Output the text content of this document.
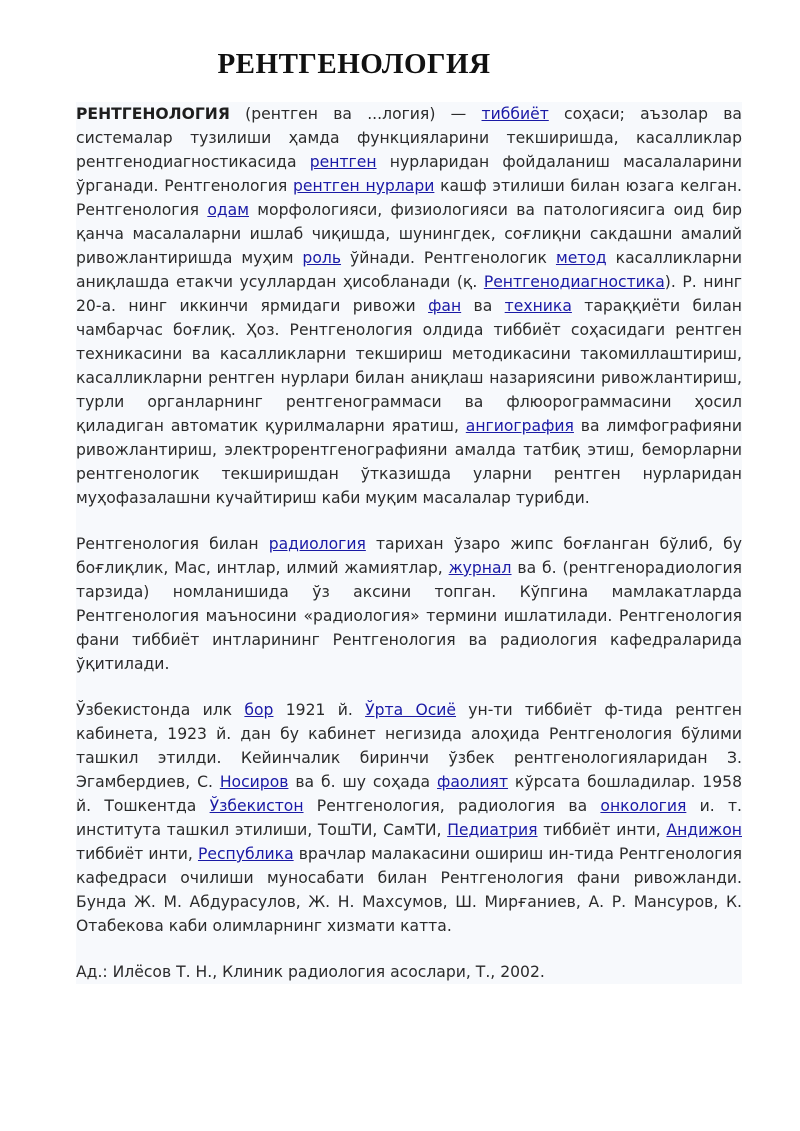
РЕНТГЕНОЛОГИЯ

РЕНТГЕНОЛОГИЯ (рентген ва ...логия) — тиббиёт соҳаси; аъзолар ва системалар тузилиши ҳамда функцияларини текширишда, касалликлар рентгенодиагностикасида рентген нурларидан фойдаланиш масалаларини ўрганади. Рентгенология рентген нурлари кашф этилиши билан юзага келган. Рентгенология одам морфологияси, физиологияси ва патологиясига оид бир қанча масалаларни ишлаб чиқишда, шунингдек, соғлиқни сакдашни амалий ривожлантиришда муҳим роль ўйнади. Рентгенологик метод касалликларни аниқлашда етакчи усуллардан ҳисобланади (қ. Рентгенодиагностика). Р. нинг 20-а. нинг иккинчи ярмидаги ривожи фан ва техника тараққиёти билан чамбарчас боғлиқ. Ҳоз. Рентгенология олдида тиббиёт соҳасидаги рентген техникасини ва касалликларни текшириш методикасини такомиллаштириш, касалликларни рентген нурлари билан аниқлаш назариясини ривожлантириш, турли органларнинг рентгенограммаси ва флюорограммасини ҳосил қиладиган автоматик қурилмаларни яратиш, ангиография ва лимфографияни ривожлантириш, электрорентгенографияни амалда татбиқ этиш, беморларни рентгенологик текширишдан ўтказишда уларни рентген нурларидан муҳофазалашни кучайтириш каби муқим масалалар турибди.

Рентгенология билан радиология тарихан ўзаро жипс боғланган бўлиб, бу боғлиқлик, Мас, интлар, илмий жамиятлар, журнал ва б. (рентгенорадиология тарзида) номланишида ўз аксини топган. Кўпгина мамлакатларда Рентгенология маъносини «радиология» термини ишлатилади. Рентгенология фани тиббиёт интларининг Рентгенология ва радиология кафедраларида ўқитилади.

Ўзбекистонда илк бор 1921 й. Ўрта Осиё ун-ти тиббиёт ф-тида рентген кабинета, 1923 й. дан бу кабинет негизида алоҳида Рентгенология бўлими ташкил этилди. Кейинчалик биринчи ўзбек рентгенологияларидан З. Эгамбердиев, С. Носиров ва б. шу соҳада фаолият кўрсата бошладилар. 1958 й. Тошкентда Ўзбекистон Рентгенология, радиология ва онкология и. т. института ташкил этилиши, ТошТИ, СамТИ, Педиатрия тиббиёт инти, Андижон тиббиёт инти, Республика врачлар малакасини ошириш ин-тида Рентгенология кафедраси очилиши муносабати билан Рентгенология фани ривожланди. Бунда Ж. М. Абдурасулов, Ж. Н. Махсумов, Ш. Мирғаниев, А. Р. Мансуров, К. Отабекова каби олимларнинг хизмати катта.

Ад.: Илёсов Т. Н., Клиник радиология асослари, Т., 2002.
